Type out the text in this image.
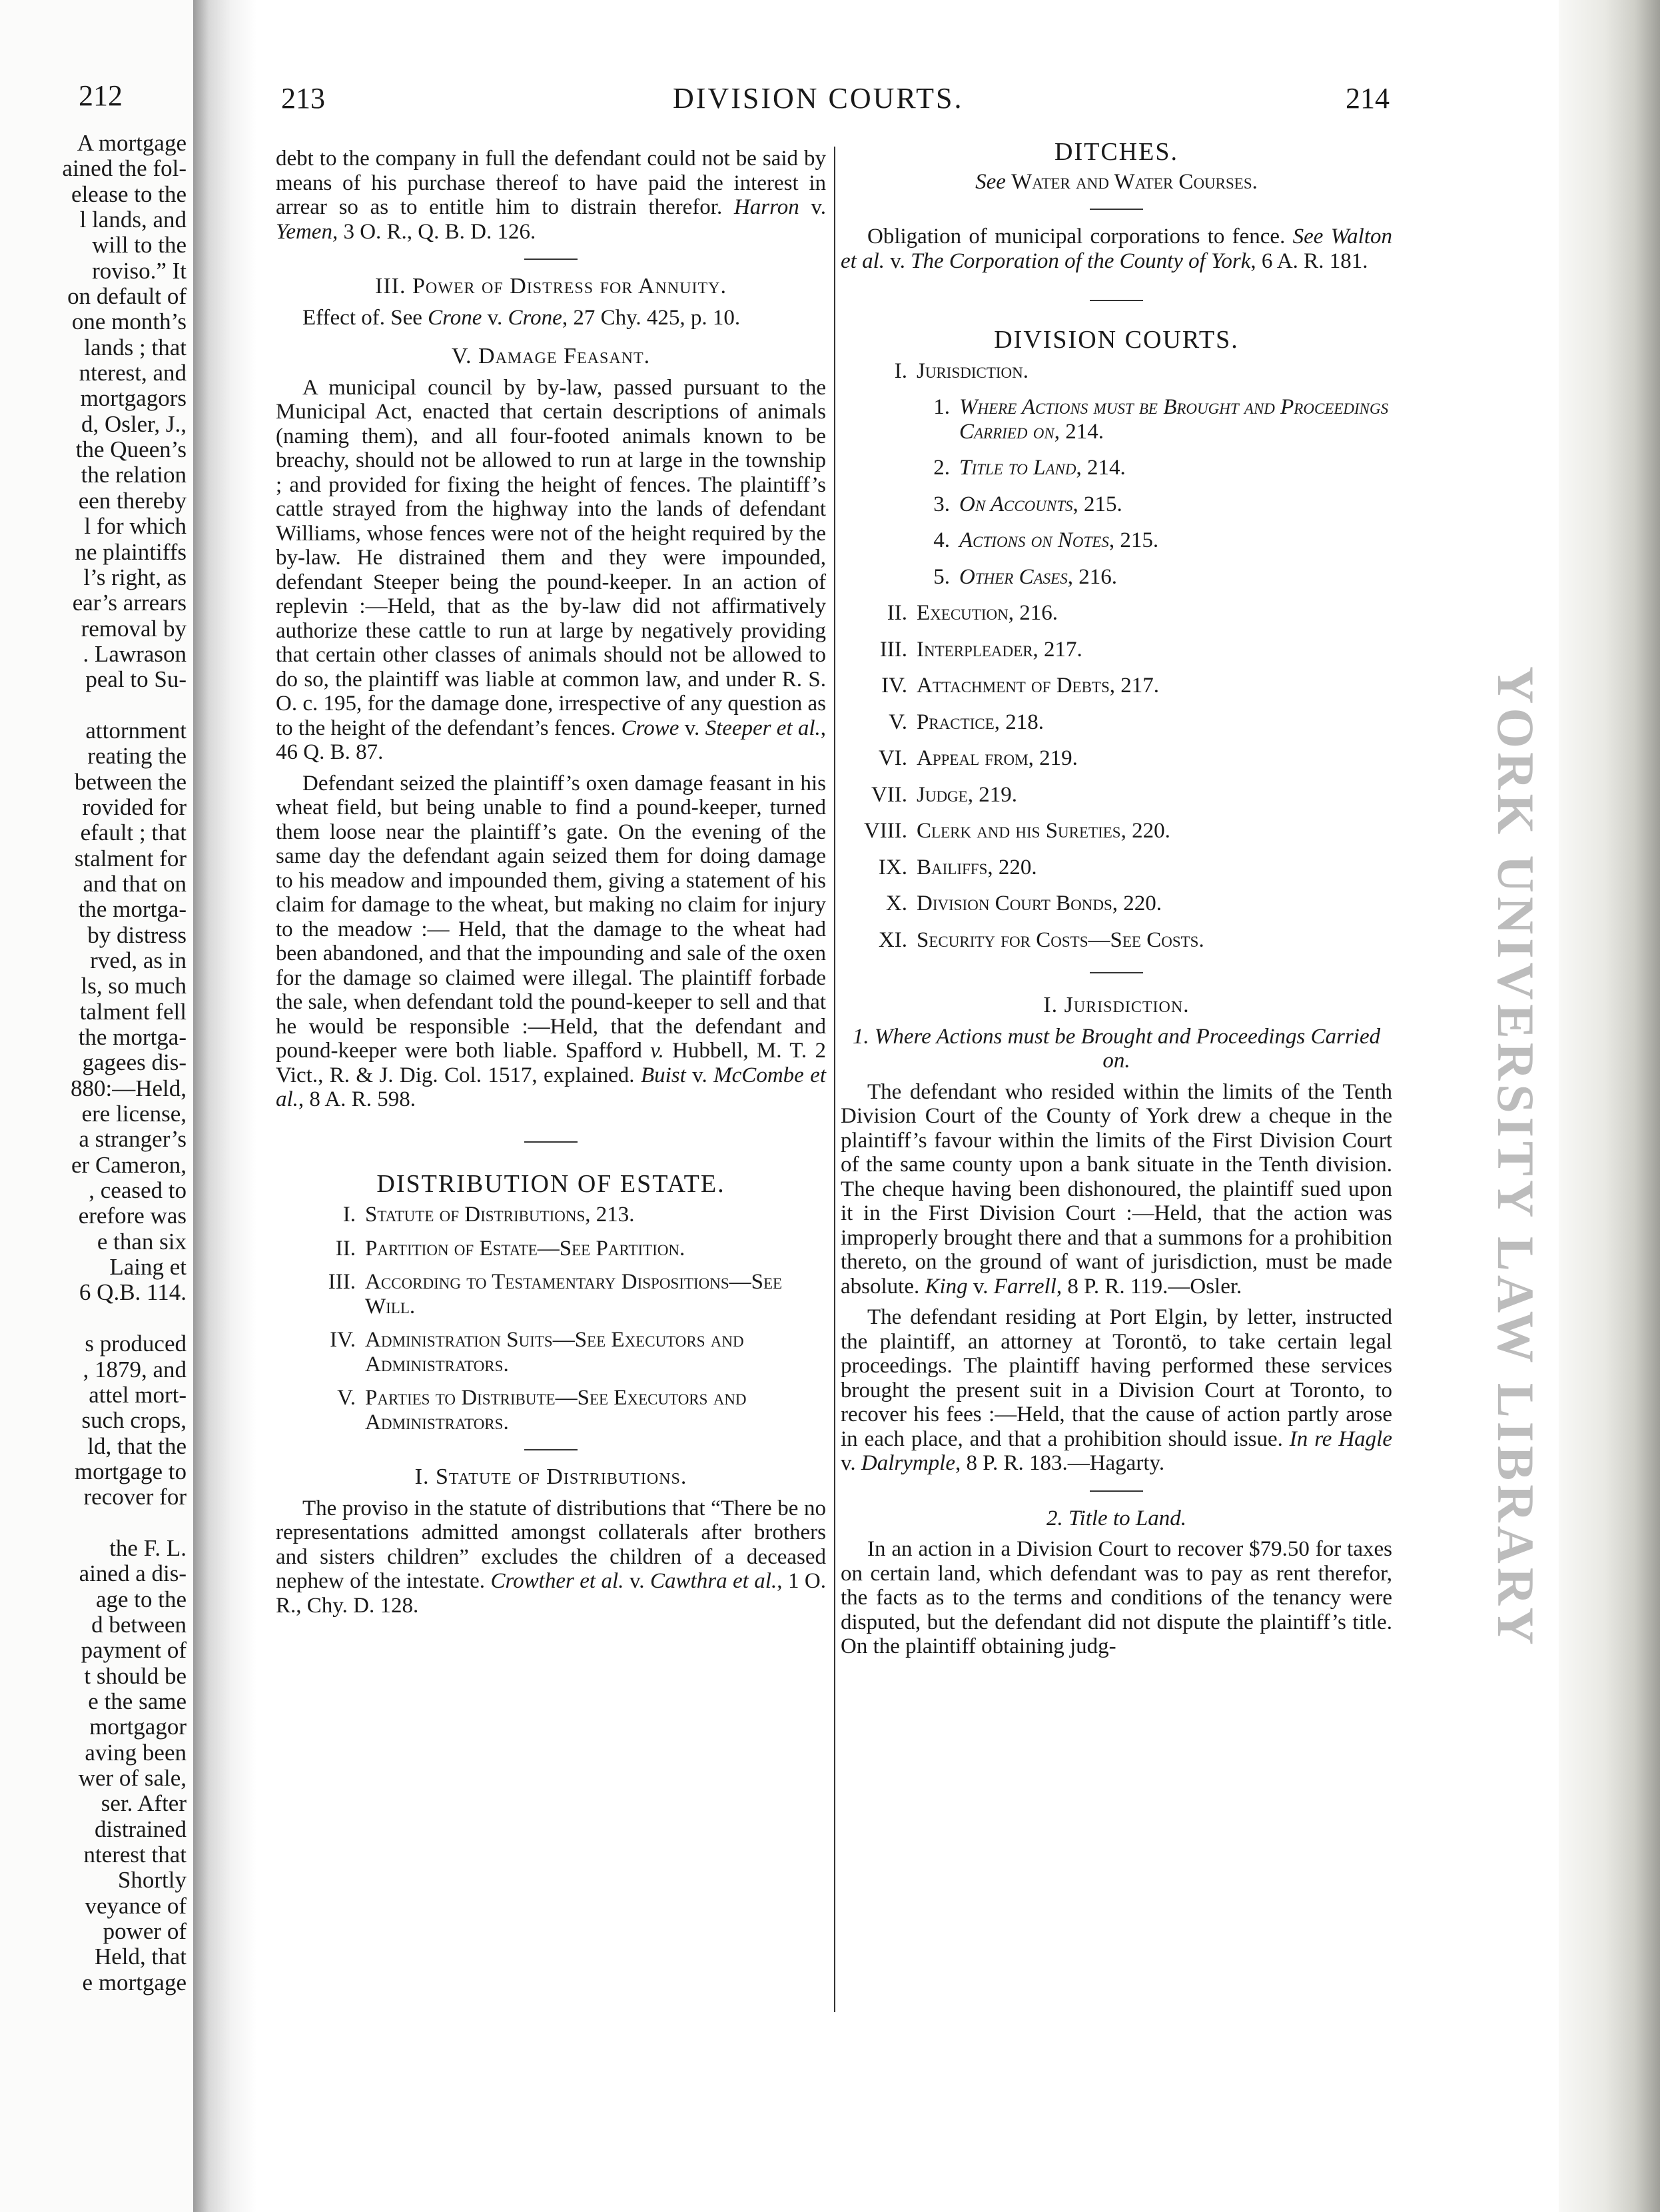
212
A mortgage
ained the fol-
elease to the
l lands, and
will to the
roviso.” It
on default of
one month’s
lands ; that
nterest, and
mortgagors
d, Osler, J.,
the Queen’s
the relation
een thereby
l for which
ne plaintiffs
l’s right, as
ear’s arrears
removal by
. Lawrason
peal to Su-
attornment
reating the
between the
rovided for
efault ; that
stalment for
and that on
the mortga-
by distress
rved, as in
ls, so much
talment fell
the mortga-
gagees dis-
880:—Held,
ere license,
a stranger’s
er Cameron,
, ceased to
erefore was
e than six
Laing et
6 Q.B. 114.
s produced
, 1879, and
attel mort-
such crops,
ld, that the
mortgage to
recover for
the F. L.
ained a dis-
age to the
d between
payment of
t should be
e the same
mortgagor
aving been
wer of sale,
ser. After
distrained
nterest that
Shortly
veyance of
power of
Held, that
e mortgage
YORK UNIVERSITY LAW LIBRARY
213	DIVISION COURTS.	214

debt to the company in full the defendant could not be said by means of his purchase thereof to have paid the interest in arrear so as to entitle him to distrain therefor. Harron v. Yemen, 3 O. R., Q. B. D. 126.

III. Power of Distress for Annuity.

Effect of. See Crone v. Crone, 27 Chy. 425, p. 10.

V. Damage Feasant.

A municipal council by by-law, passed pursuant to the Municipal Act, enacted that certain descriptions of animals (naming them), and all four-footed animals known to be breachy, should not be allowed to run at large in the township ; and provided for fixing the height of fences. The plaintiff’s cattle strayed from the highway into the lands of defendant Williams, whose fences were not of the height required by the by-law. He distrained them and they were impounded, defendant Steeper being the pound-keeper. In an action of replevin :—Held, that as the by-law did not affirmatively authorize these cattle to run at large by negatively providing that certain other classes of animals should not be allowed to do so, the plaintiff was liable at common law, and under R. S. O. c. 195, for the damage done, irrespective of any question as to the height of the defendant’s fences. Crowe v. Steeper et al., 46 Q. B. 87.

Defendant seized the plaintiff’s oxen damage feasant in his wheat field, but being unable to find a pound-keeper, turned them loose near the plaintiff’s gate. On the evening of the same day the defendant again seized them for doing damage to his meadow and impounded them, giving a statement of his claim for damage to the wheat, but making no claim for injury to the meadow :— Held, that the damage to the wheat had been abandoned, and that the impounding and sale of the oxen for the damage so claimed were illegal. The plaintiff forbade the sale, when defendant told the pound-keeper to sell and that he would be responsible :—Held, that the defendant and pound-keeper were both liable. Spafford v. Hubbell, M. T. 2 Vict., R. & J. Dig. Col. 1517, explained. Buist v. McCombe et al., 8 A. R. 598.

DISTRIBUTION OF ESTATE.
I. Statute of Distributions, 213.
II. Partition of Estate—See Partition.
III. According to Testamentary Dispositions—See Will.
IV. Administration Suits—See Executors and Administrators.
V. Parties to Distribute—See Executors and Administrators.
I. Statute of Distributions.

The proviso in the statute of distributions that “There be no representations admitted amongst collaterals after brothers and sisters children” excludes the children of a deceased nephew of the intestate. Crowther et al. v. Cawthra et al., 1 O. R., Chy. D. 128.

DITCHES.
See Water and Water Courses.

Obligation of municipal corporations to fence. See Walton et al. v. The Corporation of the County of York, 6 A. R. 181.

DIVISION COURTS.
I. Jurisdiction.
1. Where Actions must be Brought and Proceedings Carried on, 214.
2. Title to Land, 214.
3. On Accounts, 215.
4. Actions on Notes, 215.
5. Other Cases, 216.
II. Execution, 216.
III. Interpleader, 217.
IV. Attachment of Debts, 217.
V. Practice, 218.
VI. Appeal from, 219.
VII. Judge, 219.
VIII. Clerk and his Sureties, 220.
IX. Bailiffs, 220.
X. Division Court Bonds, 220.
XI. Security for Costs—See Costs.
I. Jurisdiction.
1. Where Actions must be Brought and Proceedings Carried on.

The defendant who resided within the limits of the Tenth Division Court of the County of York drew a cheque in the plaintiff’s favour within the limits of the First Division Court of the same county upon a bank situate in the Tenth division. The cheque having been dishonoured, the plaintiff sued upon it in the First Division Court :—Held, that the action was improperly brought there and that a summons for a prohibition thereto, on the ground of want of jurisdiction, must be made absolute. King v. Farrell, 8 P. R. 119.—Osler.

The defendant residing at Port Elgin, by letter, instructed the plaintiff, an attorney at Torontö, to take certain legal proceedings. The plaintiff having performed these services brought the present suit in a Division Court at Toronto, to recover his fees :—Held, that the cause of action partly arose in each place, and that a prohibition should issue. In re Hagle v. Dalrymple, 8 P. R. 183.—Hagarty.

2. Title to Land.

In an action in a Division Court to recover $79.50 for taxes on certain land, which defendant was to pay as rent therefor, the facts as to the terms and conditions of the tenancy were disputed, but the defendant did not dispute the plaintiff’s title. On the plaintiff obtaining judg-
